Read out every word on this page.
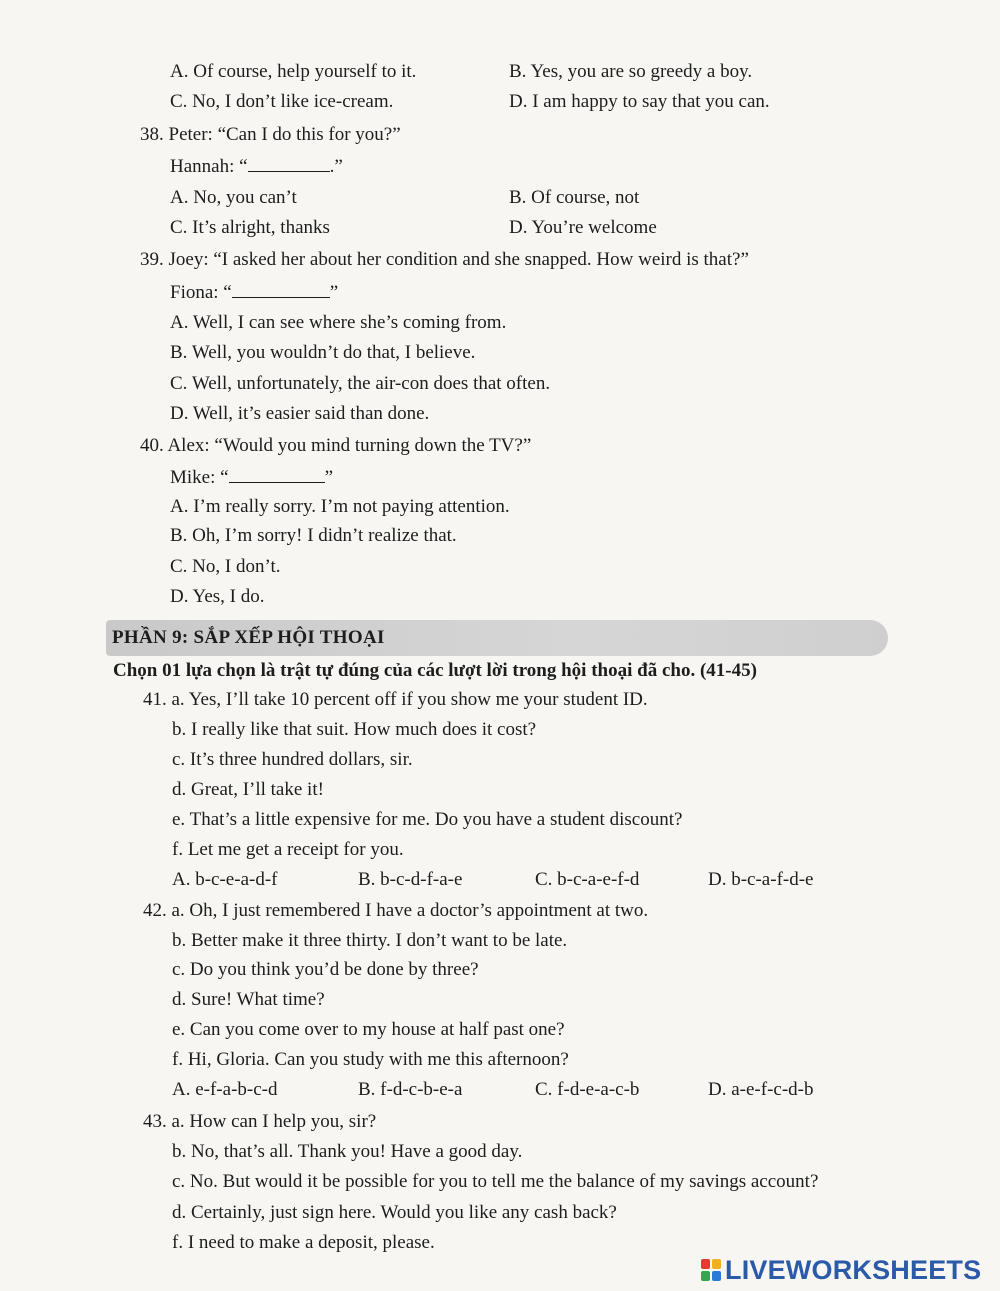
A. Of course, help yourself to it.	B. Yes, you are so greedy a boy.
C. No, I don’t like ice-cream.	D. I am happy to say that you can.
38. Peter: “Can I do this for you?”
Hannah: “	.”
A. No, you can’t	B. Of course, not
C. It’s alright, thanks	D. You’re welcome
39. Joey: “I asked her about her condition and she snapped. How weird is that?”
Fiona: “	”
A. Well, I can see where she’s coming from.
B. Well, you wouldn’t do that, I believe.
C. Well, unfortunately, the air-con does that often.
D. Well, it’s easier said than done.
40. Alex: “Would you mind turning down the TV?”
Mike: “	”
A. I’m really sorry. I’m not paying attention.
B. Oh, I’m sorry! I didn’t realize that.
C. No, I don’t.
D. Yes, I do.
PHẦN 9: SẮP XẾP HỘI THOẠI
Chọn 01 lựa chọn là trật tự đúng của các lượt lời trong hội thoại đã cho. (41-45)
41. a. Yes, I’ll take 10 percent off if you show me your student ID.
b. I really like that suit. How much does it cost?
c. It’s three hundred dollars, sir.
d. Great, I’ll take it!
e. That’s a little expensive for me. Do you have a student discount?
f. Let me get a receipt for you.
A. b-c-e-a-d-f	B. b-c-d-f-a-e	C. b-c-a-e-f-d	D. b-c-a-f-d-e
42. a. Oh, I just remembered I have a doctor’s appointment at two.
b. Better make it three thirty. I don’t want to be late.
c. Do you think you’d be done by three?
d. Sure! What time?
e. Can you come over to my house at half past one?
f. Hi, Gloria. Can you study with me this afternoon?
A. e-f-a-b-c-d	B. f-d-c-b-e-a	C. f-d-e-a-c-b	D. a-e-f-c-d-b
43. a. How can I help you, sir?
b. No, that’s all. Thank you! Have a good day.
c. No. But would it be possible for you to tell me the balance of my savings account?
d. Certainly, just sign here. Would you like any cash back?
f. I need to make a deposit, please.
LIVEWORKSHEETS
